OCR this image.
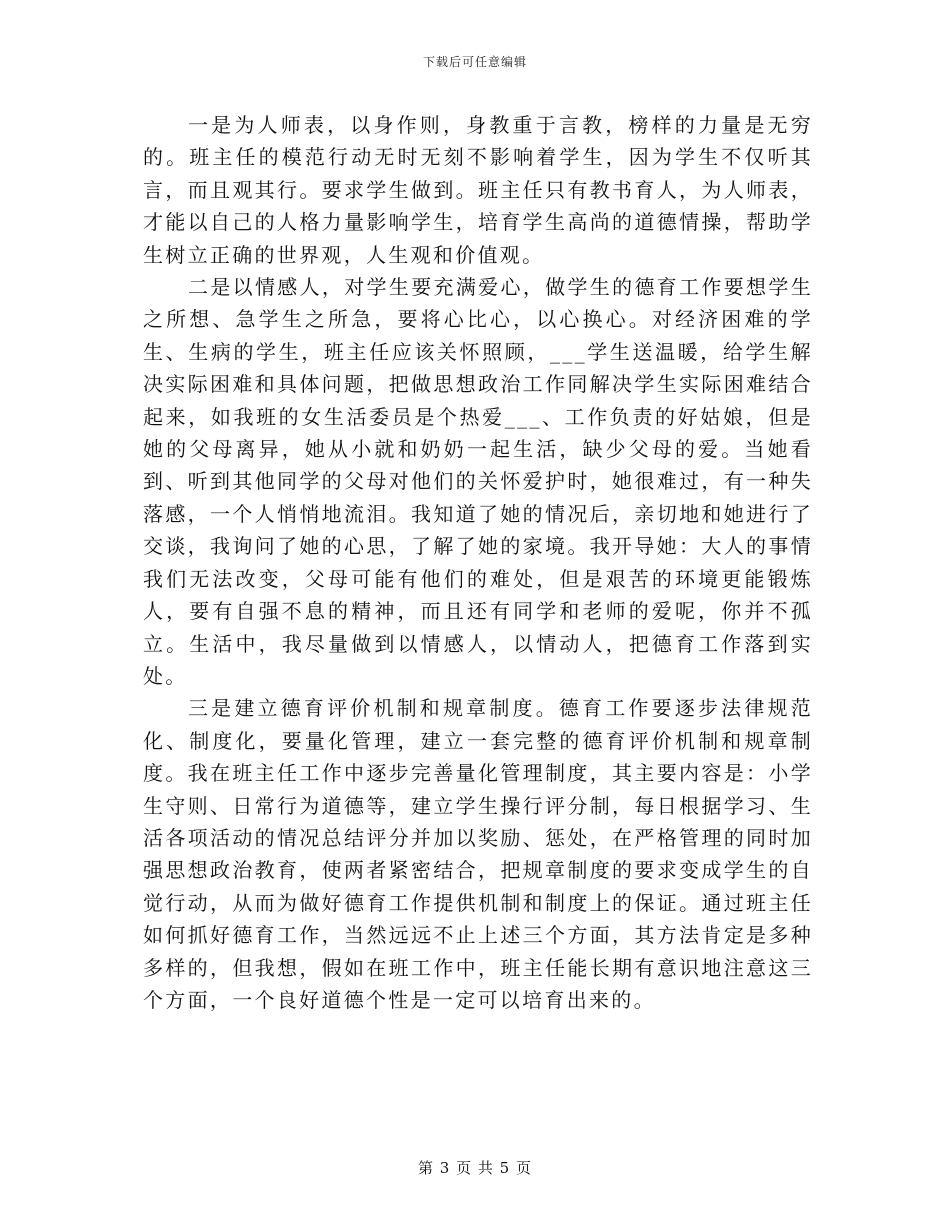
下载后可任意编辑

一是为人师表，以身作则，身教重于言教，榜样的力量是无穷的。班主任的模范行动无时无刻不影响着学生，因为学生不仅听其言，而且观其行。要求学生做到。班主任只有教书育人，为人师表，才能以自己的人格力量影响学生，培育学生高尚的道德情操，帮助学生树立正确的世界观，人生观和价值观。

二是以情感人，对学生要充满爱心，做学生的德育工作要想学生之所想、急学生之所急，要将心比心，以心换心。对经济困难的学生、生病的学生，班主任应该关怀照顾，___学生送温暖，给学生解决实际困难和具体问题，把做思想政治工作同解决学生实际困难结合起来，如我班的女生活委员是个热爱___、工作负责的好姑娘，但是她的父母离异，她从小就和奶奶一起生活，缺少父母的爱。当她看到、听到其他同学的父母对他们的关怀爱护时，她很难过，有一种失落感，一个人悄悄地流泪。我知道了她的情况后，亲切地和她进行了交谈，我询问了她的心思，了解了她的家境。我开导她：大人的事情我们无法改变，父母可能有他们的难处，但是艰苦的环境更能锻炼人，要有自强不息的精神，而且还有同学和老师的爱呢，你并不孤立。生活中，我尽量做到以情感人，以情动人，把德育工作落到实处。

三是建立德育评价机制和规章制度。德育工作要逐步法律规范化、制度化，要量化管理，建立一套完整的德育评价机制和规章制度。我在班主任工作中逐步完善量化管理制度，其主要内容是：小学生守则、日常行为道德等，建立学生操行评分制，每日根据学习、生活各项活动的情况总结评分并加以奖励、惩处，在严格管理的同时加强思想政治教育，使两者紧密结合，把规章制度的要求变成学生的自觉行动，从而为做好德育工作提供机制和制度上的保证。通过班主任如何抓好德育工作，当然远远不止上述三个方面，其方法肯定是多种多样的，但我想，假如在班工作中，班主任能长期有意识地注意这三个方面，一个良好道德个性是一定可以培育出来的。

第 3 页 共 5 页
